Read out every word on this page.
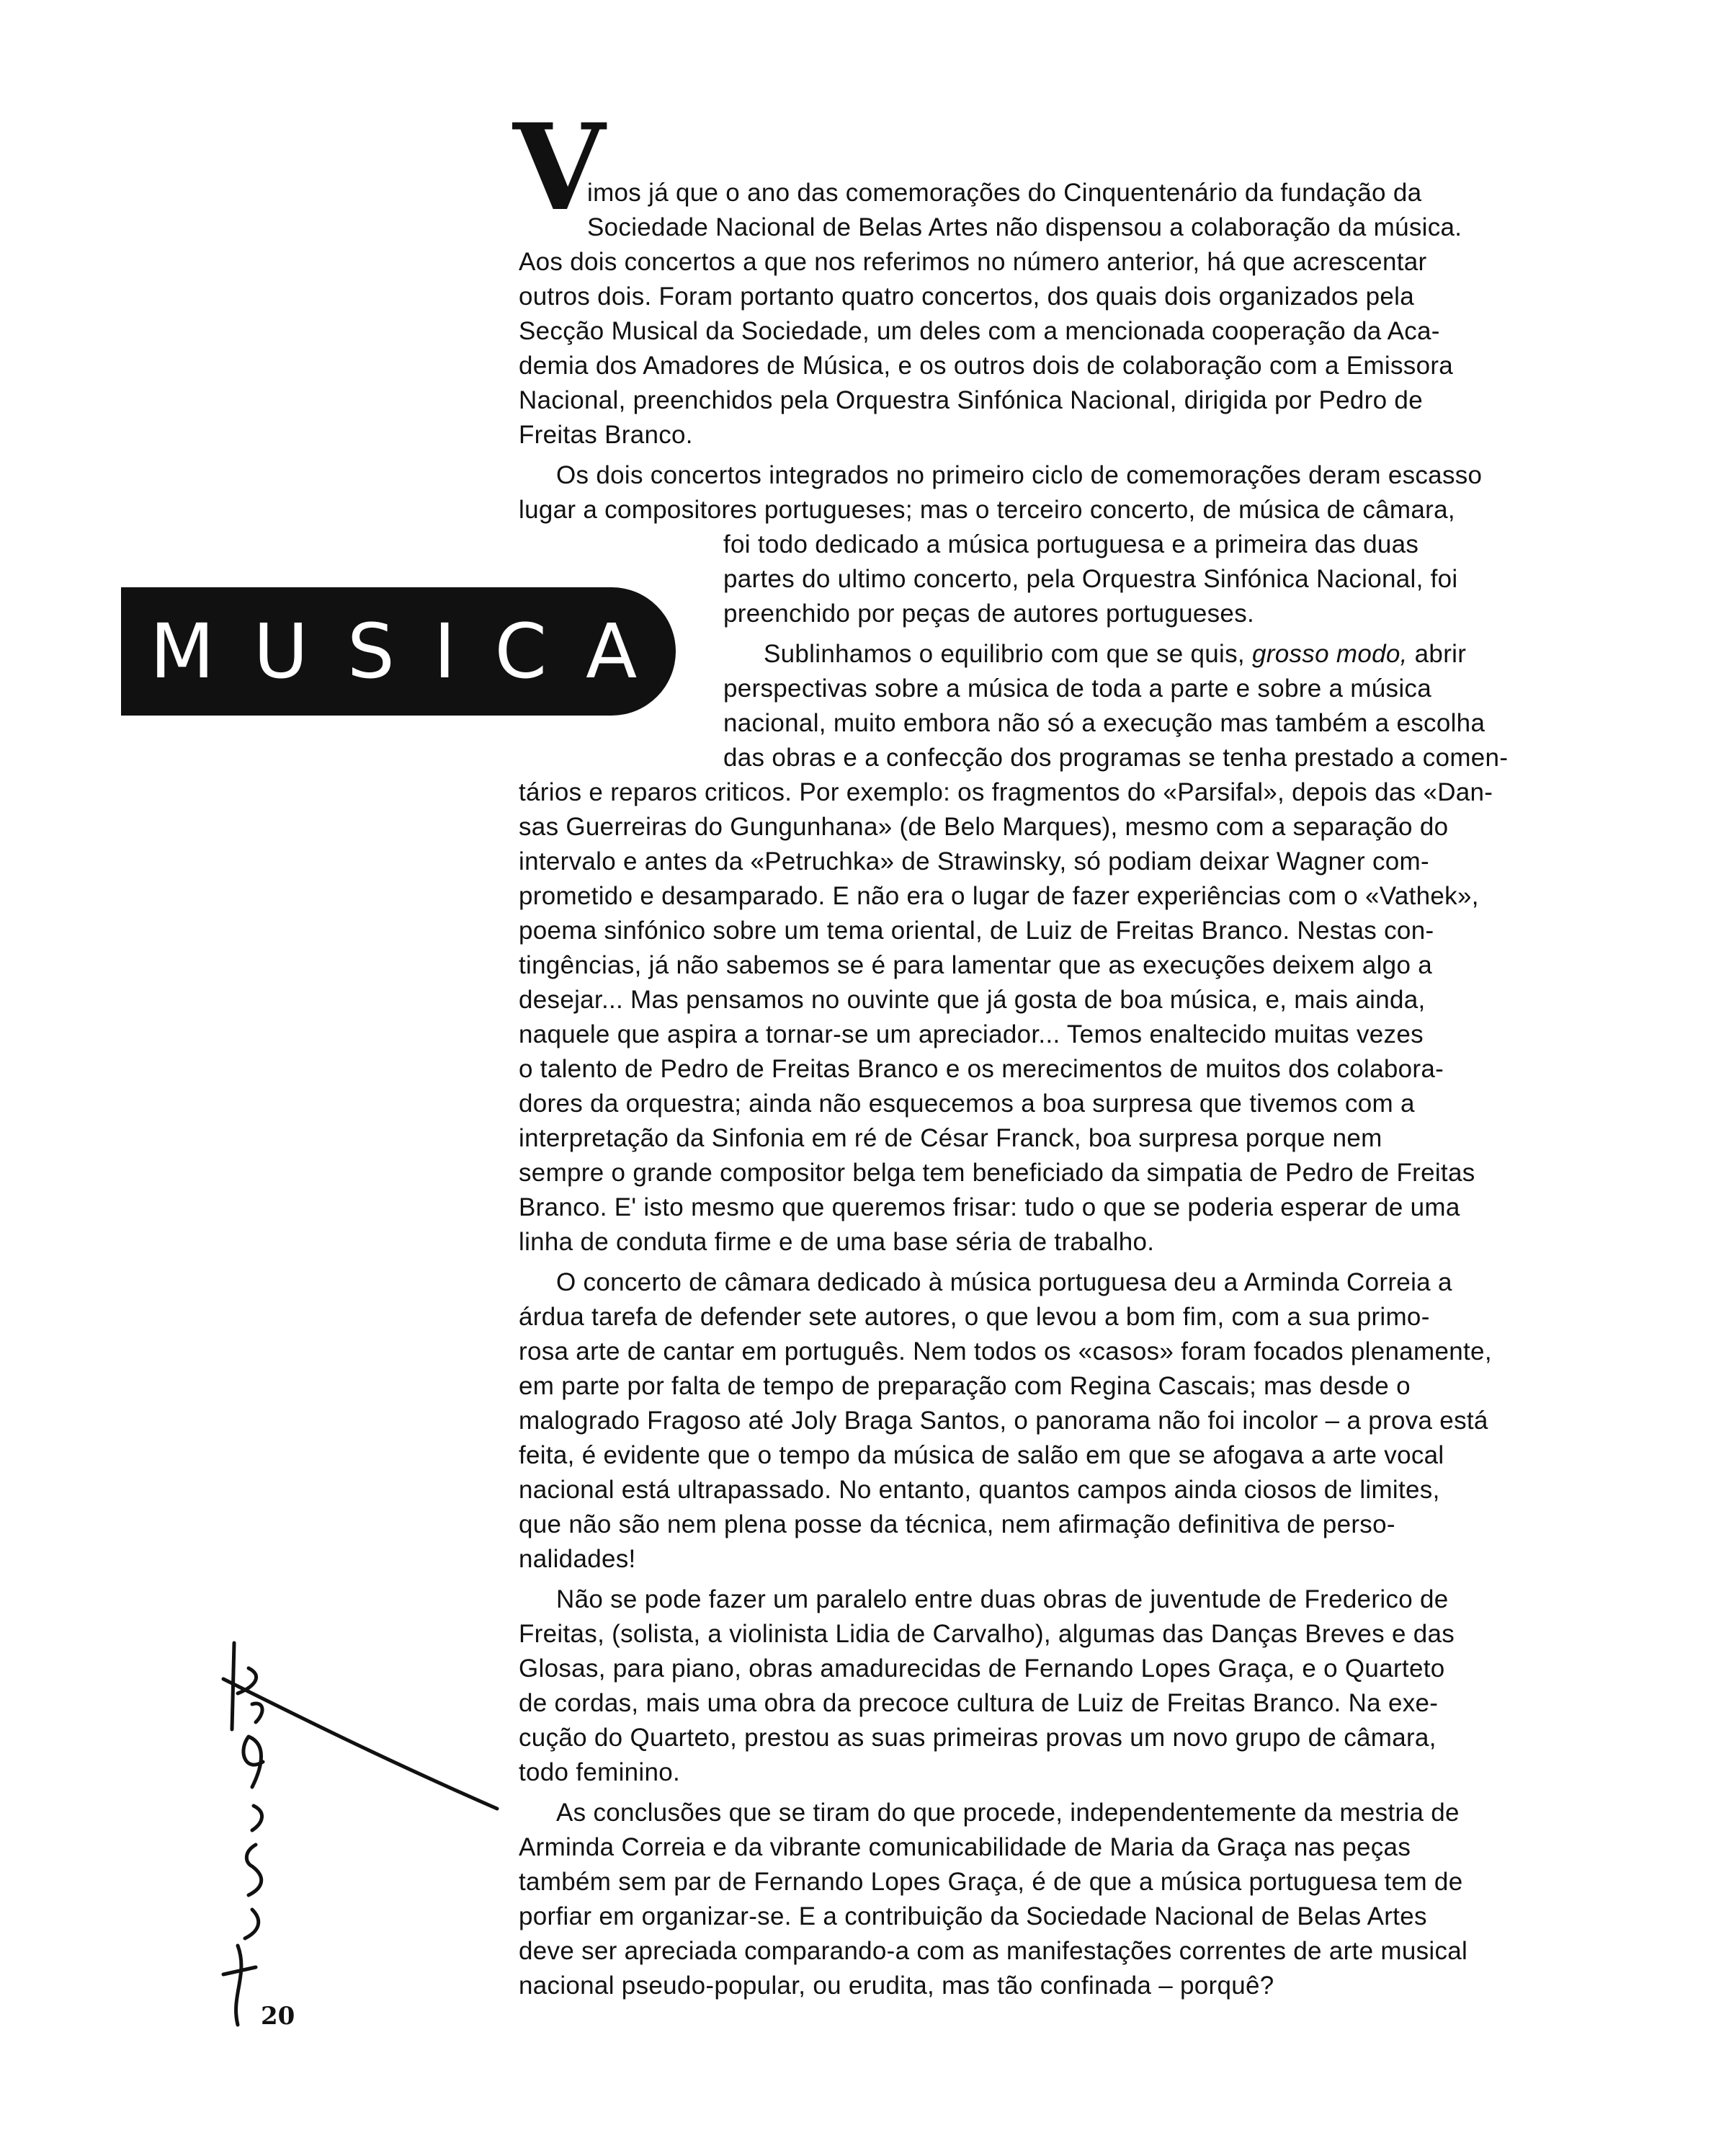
V
MUSICA
imos já que o ano das comemorações do Cinquentenário da fundação da
Sociedade Nacional de Belas Artes não dispensou a colaboração da música.
Aos dois concertos a que nos referimos no número anterior, há que acrescentar
outros dois. Foram portanto quatro concertos, dos quais dois organizados pela
Secção Musical da Sociedade, um deles com a mencionada cooperação da Aca-
demia dos Amadores de Música, e os outros dois de colaboração com a Emissora
Nacional, preenchidos pela Orquestra Sinfónica Nacional, dirigida por Pedro de
Freitas Branco.
Os dois concertos integrados no primeiro ciclo de comemorações deram escasso
lugar a compositores portugueses; mas o terceiro concerto, de música de câmara,
foi todo dedicado a música portuguesa e a primeira das duas
partes do ultimo concerto, pela Orquestra Sinfónica Nacional, foi
preenchido por peças de autores portugueses.
Sublinhamos o equilibrio com que se quis, grosso modo, abrir
perspectivas sobre a música de toda a parte e sobre a música
nacional, muito embora não só a execução mas também a escolha
das obras e a confecção dos programas se tenha prestado a comen-
tários e reparos criticos. Por exemplo: os fragmentos do «Parsifal», depois das «Dan-
sas Guerreiras do Gungunhana» (de Belo Marques), mesmo com a separação do
intervalo e antes da «Petruchka» de Strawinsky, só podiam deixar Wagner com-
prometido e desamparado. E não era o lugar de fazer experiências com o «Vathek»,
poema sinfónico sobre um tema oriental, de Luiz de Freitas Branco. Nestas con-
tingências, já não sabemos se é para lamentar que as execuções deixem algo a
desejar... Mas pensamos no ouvinte que já gosta de boa música, e, mais ainda,
naquele que aspira a tornar-se um apreciador... Temos enaltecido muitas vezes
o talento de Pedro de Freitas Branco e os merecimentos de muitos dos colabora-
dores da orquestra; ainda não esquecemos a boa surpresa que tivemos com a
interpretação da Sinfonia em ré de César Franck, boa surpresa porque nem
sempre o grande compositor belga tem beneficiado da simpatia de Pedro de Freitas
Branco. E' isto mesmo que queremos frisar: tudo o que se poderia esperar de uma
linha de conduta firme e de uma base séria de trabalho.
O concerto de câmara dedicado à música portuguesa deu a Arminda Correia a
árdua tarefa de defender sete autores, o que levou a bom fim, com a sua primo-
rosa arte de cantar em português. Nem todos os «casos» foram focados plenamente,
em parte por falta de tempo de preparação com Regina Cascais; mas desde o
malogrado Fragoso até Joly Braga Santos, o panorama não foi incolor – a prova está
feita, é evidente que o tempo da música de salão em que se afogava a arte vocal
nacional está ultrapassado. No entanto, quantos campos ainda ciosos de limites,
que não são nem plena posse da técnica, nem afirmação definitiva de perso-
nalidades!
Não se pode fazer um paralelo entre duas obras de juventude de Frederico de
Freitas, (solista, a violinista Lidia de Carvalho), algumas das Danças Breves e das
Glosas, para piano, obras amadurecidas de Fernando Lopes Graça, e o Quarteto
de cordas, mais uma obra da precoce cultura de Luiz de Freitas Branco. Na exe-
cução do Quarteto, prestou as suas primeiras provas um novo grupo de câmara,
todo feminino.
As conclusões que se tiram do que procede, independentemente da mestria de
Arminda Correia e da vibrante comunicabilidade de Maria da Graça nas peças
também sem par de Fernando Lopes Graça, é de que a música portuguesa tem de
porfiar em organizar-se. E a contribuição da Sociedade Nacional de Belas Artes
deve ser apreciada comparando-a com as manifestações correntes de arte musical
nacional pseudo-popular, ou erudita, mas tão confinada – porquê?
20
